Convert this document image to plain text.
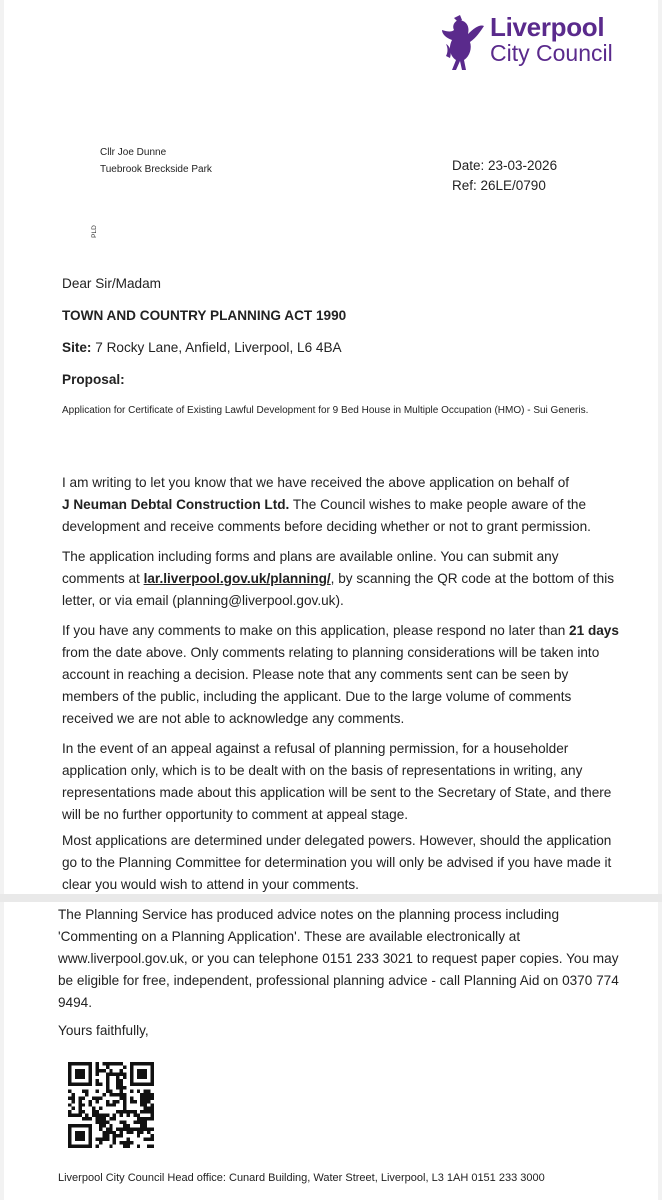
Liverpool
City Council
Cllr Joe Dunne
Tuebrook Breckside Park	Date: 23-03-2026
Ref: 26LE/0790
PLD
Dear Sir/Madam
TOWN AND COUNTRY PLANNING ACT 1990
Site: 7 Rocky Lane, Anfield, Liverpool, L6 4BA
Proposal:
Application for Certificate of Existing Lawful Development for 9 Bed House in Multiple Occupation (HMO) - Sui Generis.

I am writing to let you know that we have received the above application on behalf of
J Neuman Debtal Construction Ltd. The Council wishes to make people aware of the development and receive comments before deciding whether or not to grant permission.

The application including forms and plans are available online. You can submit any comments at lar.liverpool.gov.uk/planning/, by scanning the QR code at the bottom of this letter, or via email (planning@liverpool.gov.uk).

If you have any comments to make on this application, please respond no later than 21 days from the date above. Only comments relating to planning considerations will be taken into account in reaching a decision. Please note that any comments sent can be seen by members of the public, including the applicant. Due to the large volume of comments received we are not able to acknowledge any comments.

In the event of an appeal against a refusal of planning permission, for a householder application only, which is to be dealt with on the basis of representations in writing, any representations made about this application will be sent to the Secretary of State, and there will be no further opportunity to comment at appeal stage.

Most applications are determined under delegated powers. However, should the application go to the Planning Committee for determination you will only be advised if you have made it clear you would wish to attend in your comments.

The Planning Service has produced advice notes on the planning process including 'Commenting on a Planning Application'. These are available electronically at www.liverpool.gov.uk, or you can telephone 0151 233 3021 to request paper copies. You may be eligible for free, independent, professional planning advice - call Planning Aid on 0370 774 9494.

Yours faithfully,
Liverpool City Council Head office: Cunard Building, Water Street, Liverpool, L3 1AH 0151 233 3000
